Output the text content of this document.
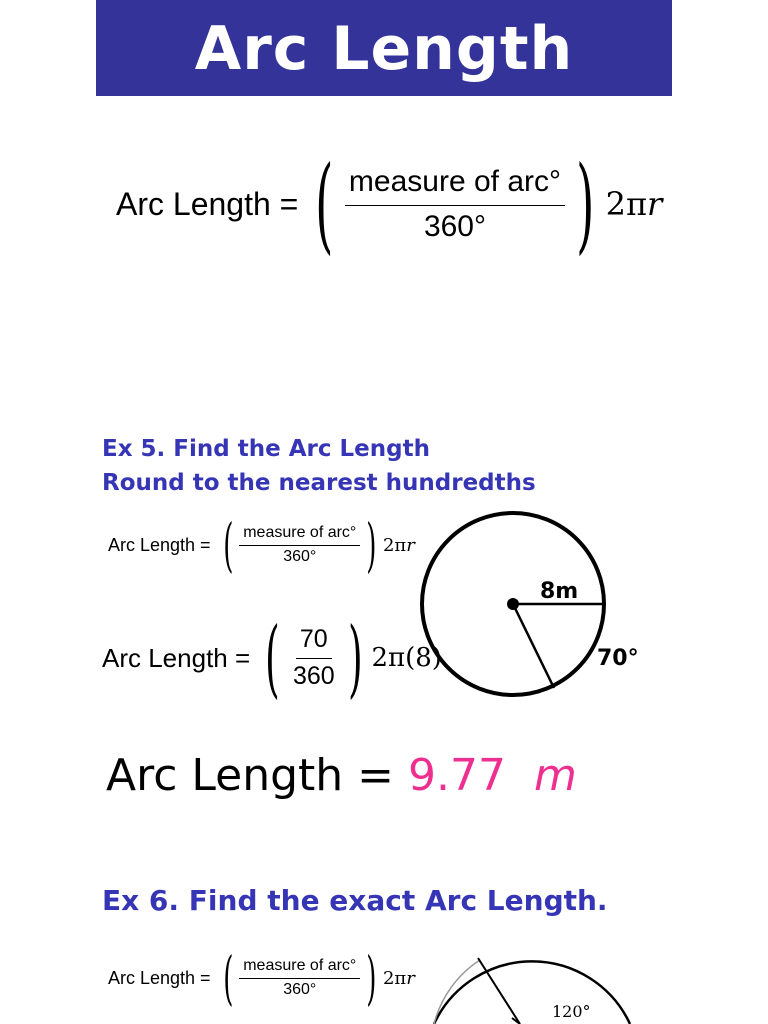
Arc Length
Arc Length = ( $\frac{\text{measure of arc°}}{360^\circ}$ ) 2πr
Ex 5. Find the Arc Length
Round to the nearest hundredths
Arc Length = ( $\frac{\text{measure of arc°}}{360^\circ}$ ) 2πr
Arc Length = ( $\frac{70}{360}$ ) 2π(8)
8m
70°
Arc Length = 9.77 m
Ex 6. Find the exact Arc Length.
Arc Length = ( $\frac{\text{measure of arc°}}{360^\circ}$ ) 2πr
120°
